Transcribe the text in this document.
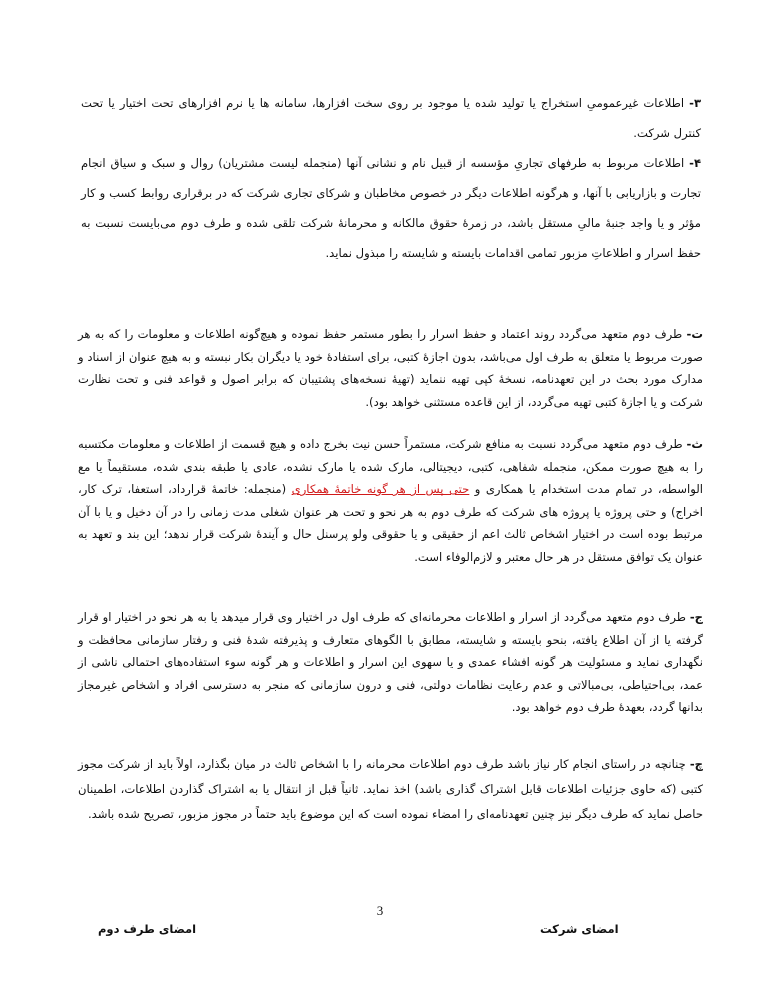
۳- اطلاعات غیرعمومیِ استخراج یا تولید شده یا موجود بر روی سخت افزارها، سامانه ها یا نرم افزارهای تحت اختیار یا تحت کنترل شرکت.

۴- اطلاعات مربوط به طرفهای تجاریِ مؤسسه از قبیل نام و نشانی آنها (منجمله لیست مشتریان) روال و سبک و سیاق انجام تجارت و بازاریابی با آنها، و هرگونه اطلاعات دیگر در خصوص مخاطبان و شرکای تجاری شرکت که در برقراری روابط کسب و کار مؤثر و یا واجد جنبهٔ مالیِ مستقل باشد، در زمرهٔ حقوق مالکانه و محرمانهٔ شرکت تلقی شده و طرف دوم می‌بایست نسبت به حفظ اسرار و اطلاعاتِ مزبور تمامی اقدامات بایسته و شایسته را مبذول نماید.

ت- طرف دوم متعهد می‌گردد روند اعتماد و حفظ اسرار را بطور مستمر حفظ نموده و هیچ‌گونه اطلاعات و معلومات را که به هر صورت مربوط یا متعلق به طرف اول می‌باشد، بدون اجازهٔ کتبی، برای استفادهٔ خود یا دیگران بکار نبسته و به هیچ عنوان از اسناد و مدارک مورد بحث در این تعهدنامه، نسخهٔ کپی تهیه ننماید (تهیهٔ نسخه‌های پشتیبان که برابر اصول و قواعد فنی و تحت نظارت شرکت و یا اجازهٔ کتبی تهیه می‌گردد، از این قاعده مستثنی خواهد بود).

ث- طرف دوم متعهد می‌گردد نسبت به منافع شرکت، مستمراً حسن نیت بخرج داده و هیچ قسمت از اطلاعات و معلومات مکتسبه را به هیچ صورت ممکن، منجمله شفاهی، کتبی، دیجیتالی، مارک شده یا مارک نشده، عادی یا طبقه بندی شده، مستقیماً یا مع الواسطه، در تمام مدت استخدام یا همکاری و حتی پس از هر گونه خاتمهٔ همکاری (منجمله: خاتمهٔ قرارداد، استعفا، ترک کار، اخراج) و حتی پروژه یا پروژه های شرکت که طرف دوم به هر نحو و تحت هر عنوان شغلی مدت زمانی را در آن دخیل و یا با آن مرتبط بوده است در اختیار اشخاص ثالث اعم از حقیقی و یا حقوقی ولو پرسنل حال و آیندهٔ شرکت قرار ندهد؛ این بند و تعهد به عنوان یک توافق مستقل در هر حال معتبر و لازم‌الوفاء است.

ج- طرف دوم متعهد می‌گردد از اسرار و اطلاعات محرمانه‌ای که طرف اول در اختیار وی قرار میدهد یا به هر نحو در اختیار او قرار گرفته یا از آن اطلاع یافته، بنحو بایسته و شایسته، مطابق با الگوهای متعارف و پذیرفته شدهٔ فنی و رفتار سازمانی محافظت و نگهداری نماید و مسئولیت هر گونه افشاء عمدی و یا سهوی این اسرار و اطلاعات و هر گونه سوء استفاده‌های احتمالی ناشی از عمد، بی‌احتیاطی، بی‌مبالاتی و عدم رعایت نظامات دولتی، فنی و درون سازمانی که منجر به دسترسی افراد و اشخاص غیرمجاز بدانها گردد، بعهدهٔ طرف دوم خواهد بود.

چ- چنانچه در راستای انجام کار نیاز باشد طرف دوم اطلاعات محرمانه را با اشخاص ثالث در میان بگذارد، اولاً باید از شرکت مجوز کتبی (که حاوی جزئیات اطلاعات قابل اشتراک گذاری باشد) اخذ نماید. ثانیاً قبل از انتقال یا به اشتراک گذاردن اطلاعات، اطمینان حاصل نماید که طرف دیگر نیز چنین تعهدنامه‌ای را امضاء نموده است که این موضوع باید حتماً در مجوز مزبور، تصریح شده باشد.

3
امضای طرف دوم	امضای شرکت
